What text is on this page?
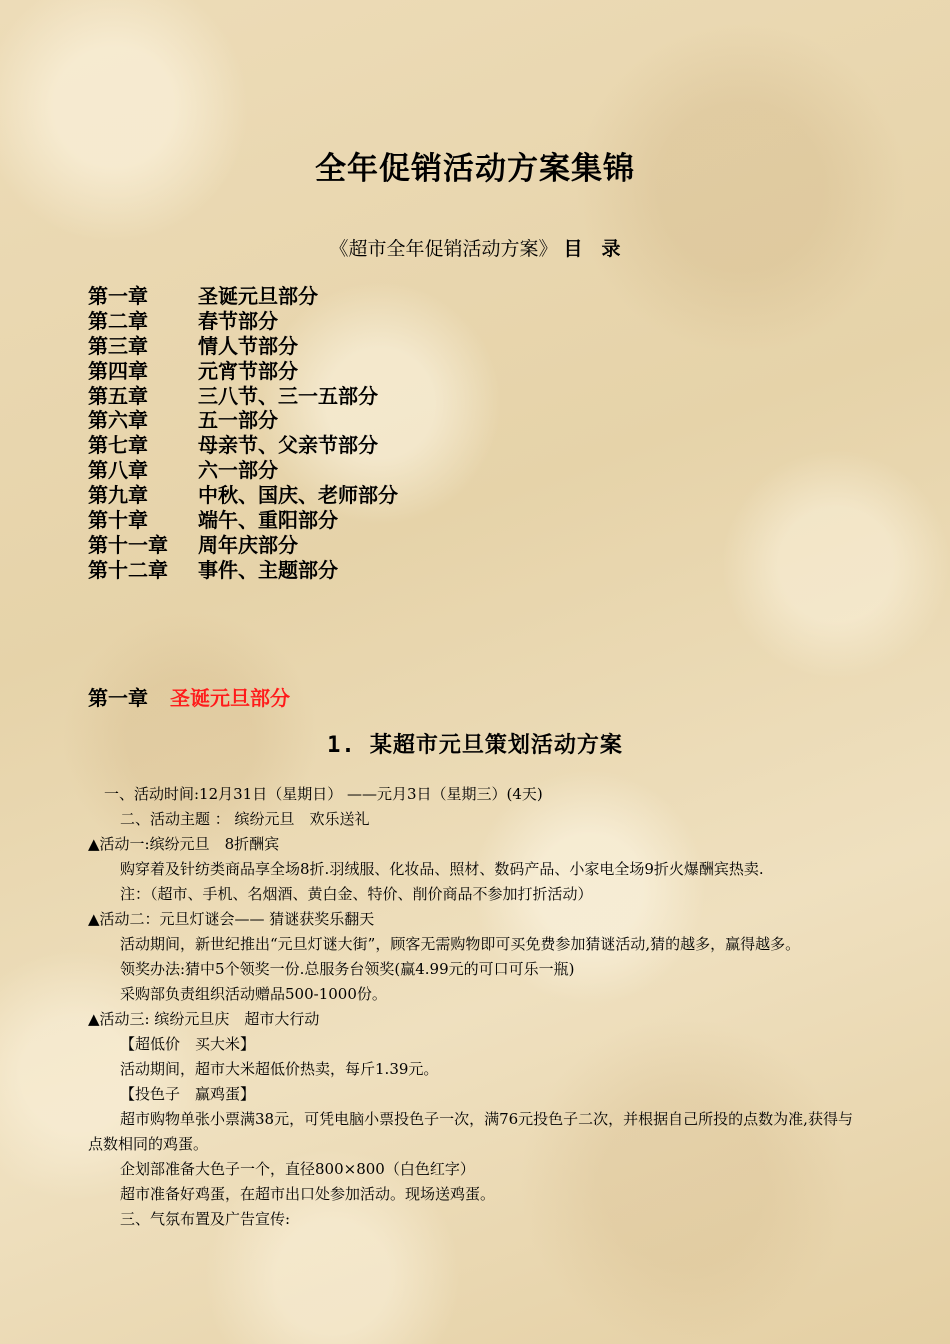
全年促销活动方案集锦
《超市全年促销活动方案》 目　录
第一章	圣诞元旦部分
第二章	春节部分
第三章	情人节部分
第四章	元宵节部分
第五章	三八节、三一五部分
第六章	五一部分
第七章	母亲节、父亲节部分
第八章	六一部分
第九章	中秋、国庆、老师部分
第十章	端午、重阳部分
第十一章 周年庆部分
第十二章 事件、主题部分
第一章 圣诞元旦部分
1. 某超市元旦策划活动方案

一、活动时间:12月31日（星期日） ——元月3日（星期三）(4天)

二、活动主题 ： 缤纷元旦　欢乐送礼

▲活动一:缤纷元旦　8折酬宾

购穿着及针纺类商品享全场8折.羽绒服、化妆品、照材、数码产品、小家电全场9折火爆酬宾热卖.

注：（超市、手机、名烟酒、黄白金、特价、削价商品不参加打折活动）

▲活动二：元旦灯谜会—— 猜谜获奖乐翻天

活动期间，新世纪推出“元旦灯谜大街”，顾客无需购物即可买免费参加猜谜活动,猜的越多，赢得越多。

领奖办法:猜中5个领奖一份.总服务台领奖(赢4.99元的可口可乐一瓶)

采购部负责组织活动赠品500-1000份。

▲活动三: 缤纷元旦庆　超市大行动

【超低价　买大米】

活动期间，超市大米超低价热卖，每斤1.39元。

【投色子　赢鸡蛋】

超市购物单张小票满38元，可凭电脑小票投色子一次，满76元投色子二次，并根据自己所投的点数为准,获得与点数相同的鸡蛋。

企划部准备大色子一个，直径800×800（白色红字）

超市准备好鸡蛋，在超市出口处参加活动。现场送鸡蛋。

三、气氛布置及广告宣传:
